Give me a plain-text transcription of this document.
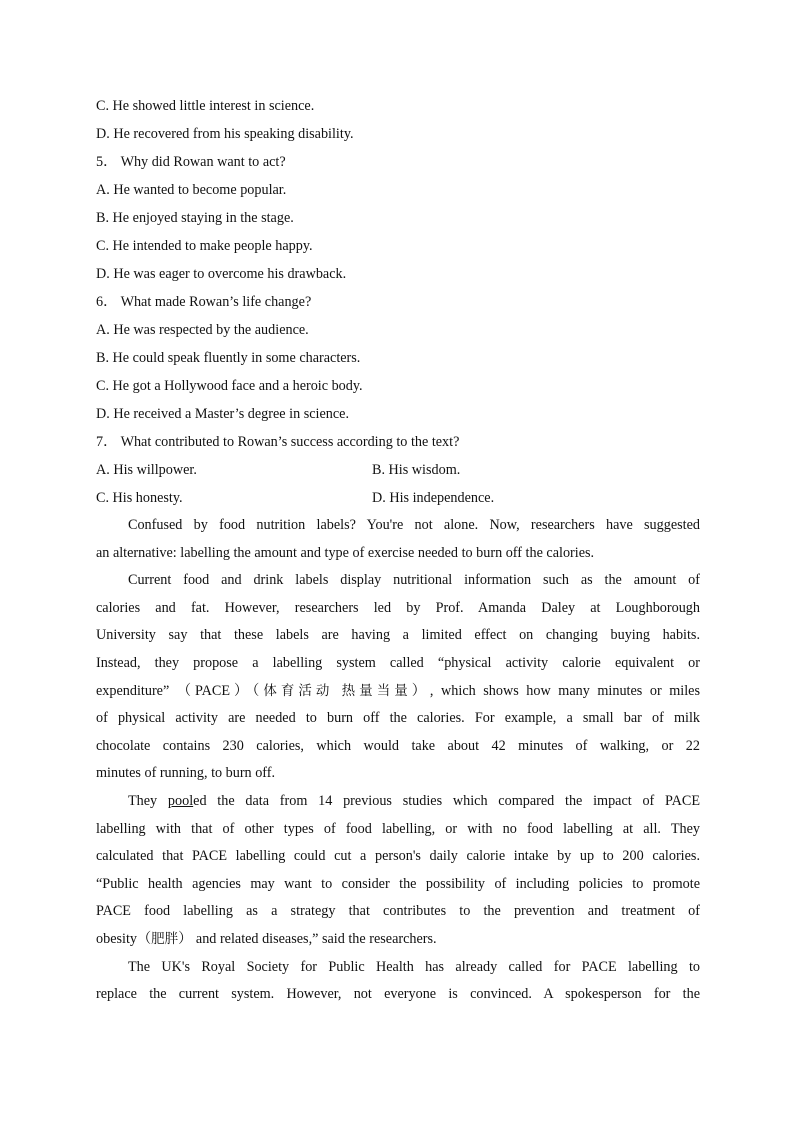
C. He showed little interest in science.
D. He recovered from his speaking disability.
5． Why did Rowan want to act?
A. He wanted to become popular.
B. He enjoyed staying in the stage.
C. He intended to make people happy.
D. He was eager to overcome his drawback.
6． What made Rowan’s life change?
A. He was respected by the audience.
B. He could speak fluently in some characters.
C. He got a Hollywood face and a heroic body.
D. He received a Master’s degree in science.
7． What contributed to Rowan’s success according to the text?
A. His willpower.	B. His wisdom.
C. His honesty.	D. His independence.
Confused by food nutrition labels? You're not alone. Now, researchers have suggested
an alternative: labelling the amount and type of exercise needed to burn off the calories.
Current food and drink labels display nutritional information such as the amount of
calories and fat. However, researchers led by Prof. Amanda Daley at Loughborough
University say that these labels are having a limited effect on changing buying habits.
Instead, they propose a labelling system called “physical activity calorie equivalent or
expenditure” （PACE）（体育活动 热量当量）, which shows how many minutes or miles
of physical activity are needed to burn off the calories. For example, a small bar of milk
chocolate contains 230 calories, which would take about 42 minutes of walking, or 22
minutes of running, to burn off.
They pooled the data from 14 previous studies which compared the impact of PACE
labelling with that of other types of food labelling, or with no food labelling at all. They
calculated that PACE labelling could cut a person's daily calorie intake by up to 200 calories.
“Public health agencies may want to consider the possibility of including policies to promote
PACE food labelling as a strategy that contributes to the prevention and treatment of
obesity（肥胖） and related diseases,” said the researchers.
The UK's Royal Society for Public Health has already called for PACE labelling to
replace the current system. However, not everyone is convinced. A spokesperson for the
